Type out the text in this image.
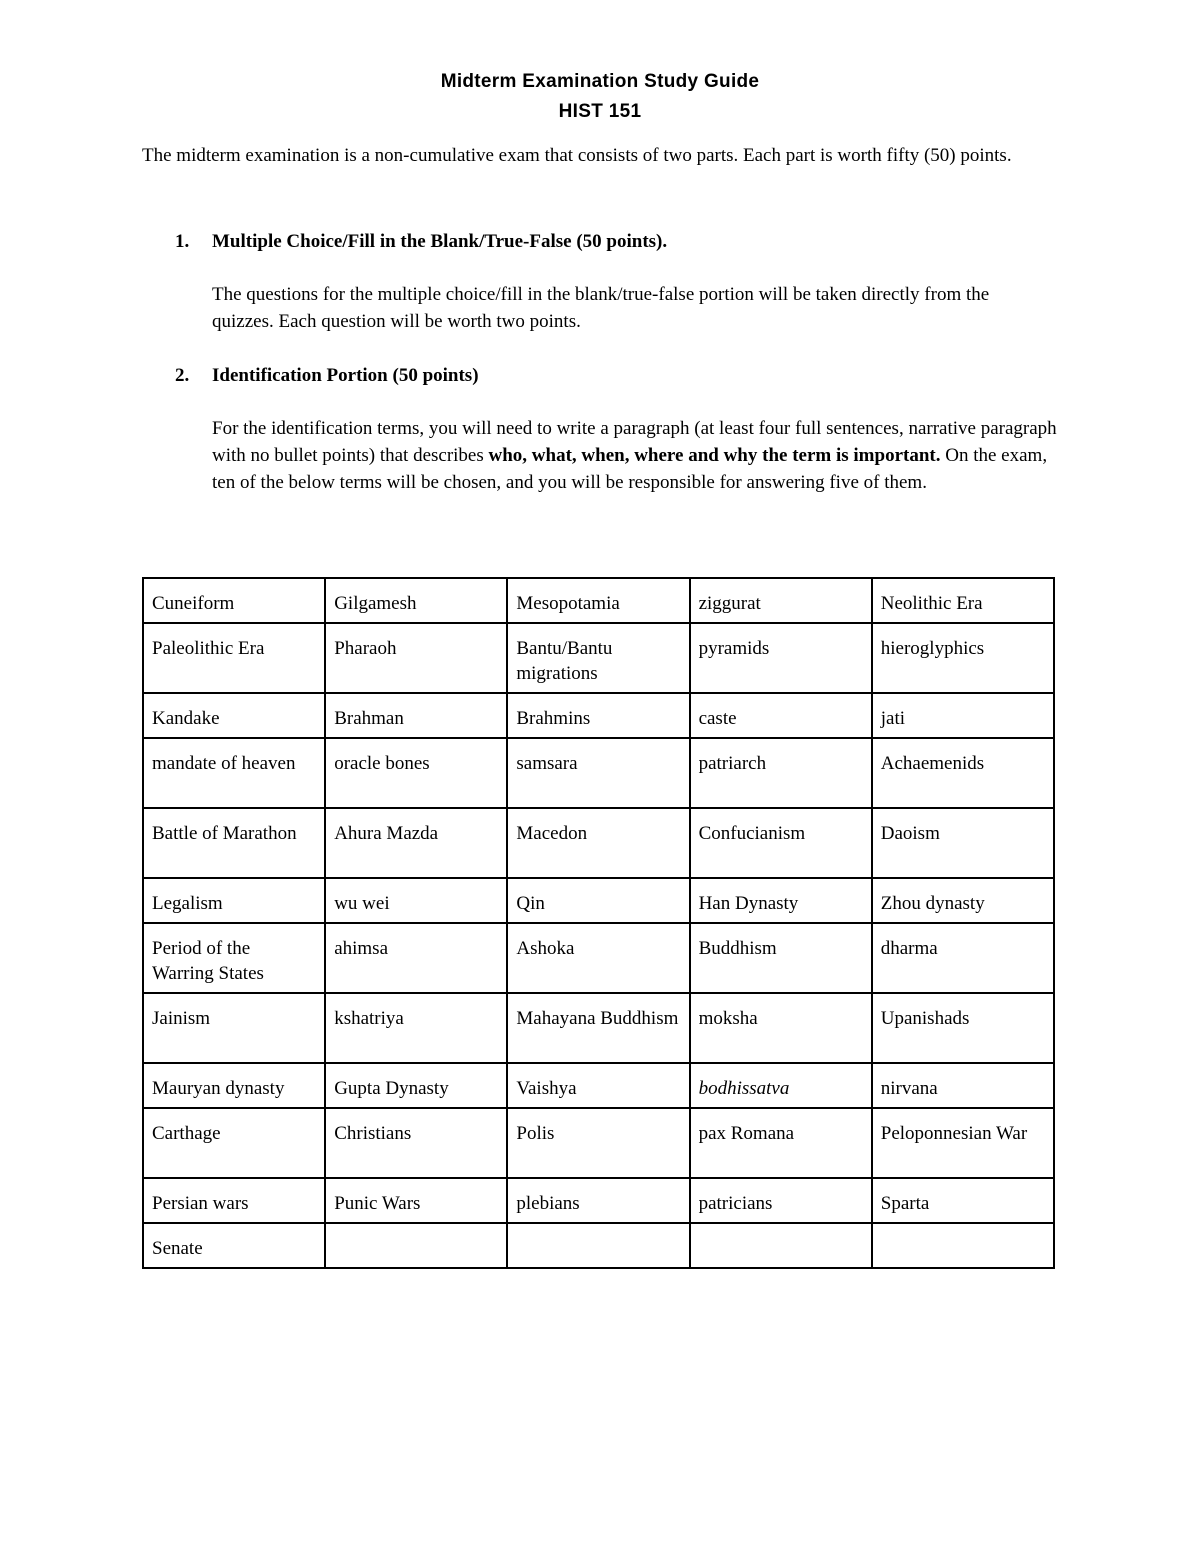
Midterm Examination Study Guide
HIST 151
The midterm examination is a non-cumulative exam that consists of two parts. Each part is worth fifty (50) points.
1. Multiple Choice/Fill in the Blank/True-False (50 points).
The questions for the multiple choice/fill in the blank/true-false portion will be taken directly from the quizzes. Each question will be worth two points.
2. Identification Portion (50 points)
For the identification terms, you will need to write a paragraph (at least four full sentences, narrative paragraph with no bullet points) that describes who, what, when, where and why the term is important. On the exam, ten of the below terms will be chosen, and you will be responsible for answering five of them.
Cuneiform	Gilgamesh	Mesopotamia	ziggurat	Neolithic Era
Paleolithic Era	Pharaoh	Bantu/Bantu migrations	pyramids	hieroglyphics
Kandake	Brahman	Brahmins	caste	jati
mandate of heaven	oracle bones	samsara	patriarch	Achaemenids
Battle of Marathon	Ahura Mazda	Macedon	Confucianism	Daoism
Legalism	wu wei	Qin	Han Dynasty	Zhou dynasty
Period of the Warring States	ahimsa	Ashoka	Buddhism	dharma
Jainism	kshatriya	Mahayana Buddhism	moksha	Upanishads
Mauryan dynasty	Gupta Dynasty	Vaishya	bodhissatva	nirvana
Carthage	Christians	Polis	pax Romana	Peloponnesian War
Persian wars	Punic Wars	plebians	patricians	Sparta
Senate				
